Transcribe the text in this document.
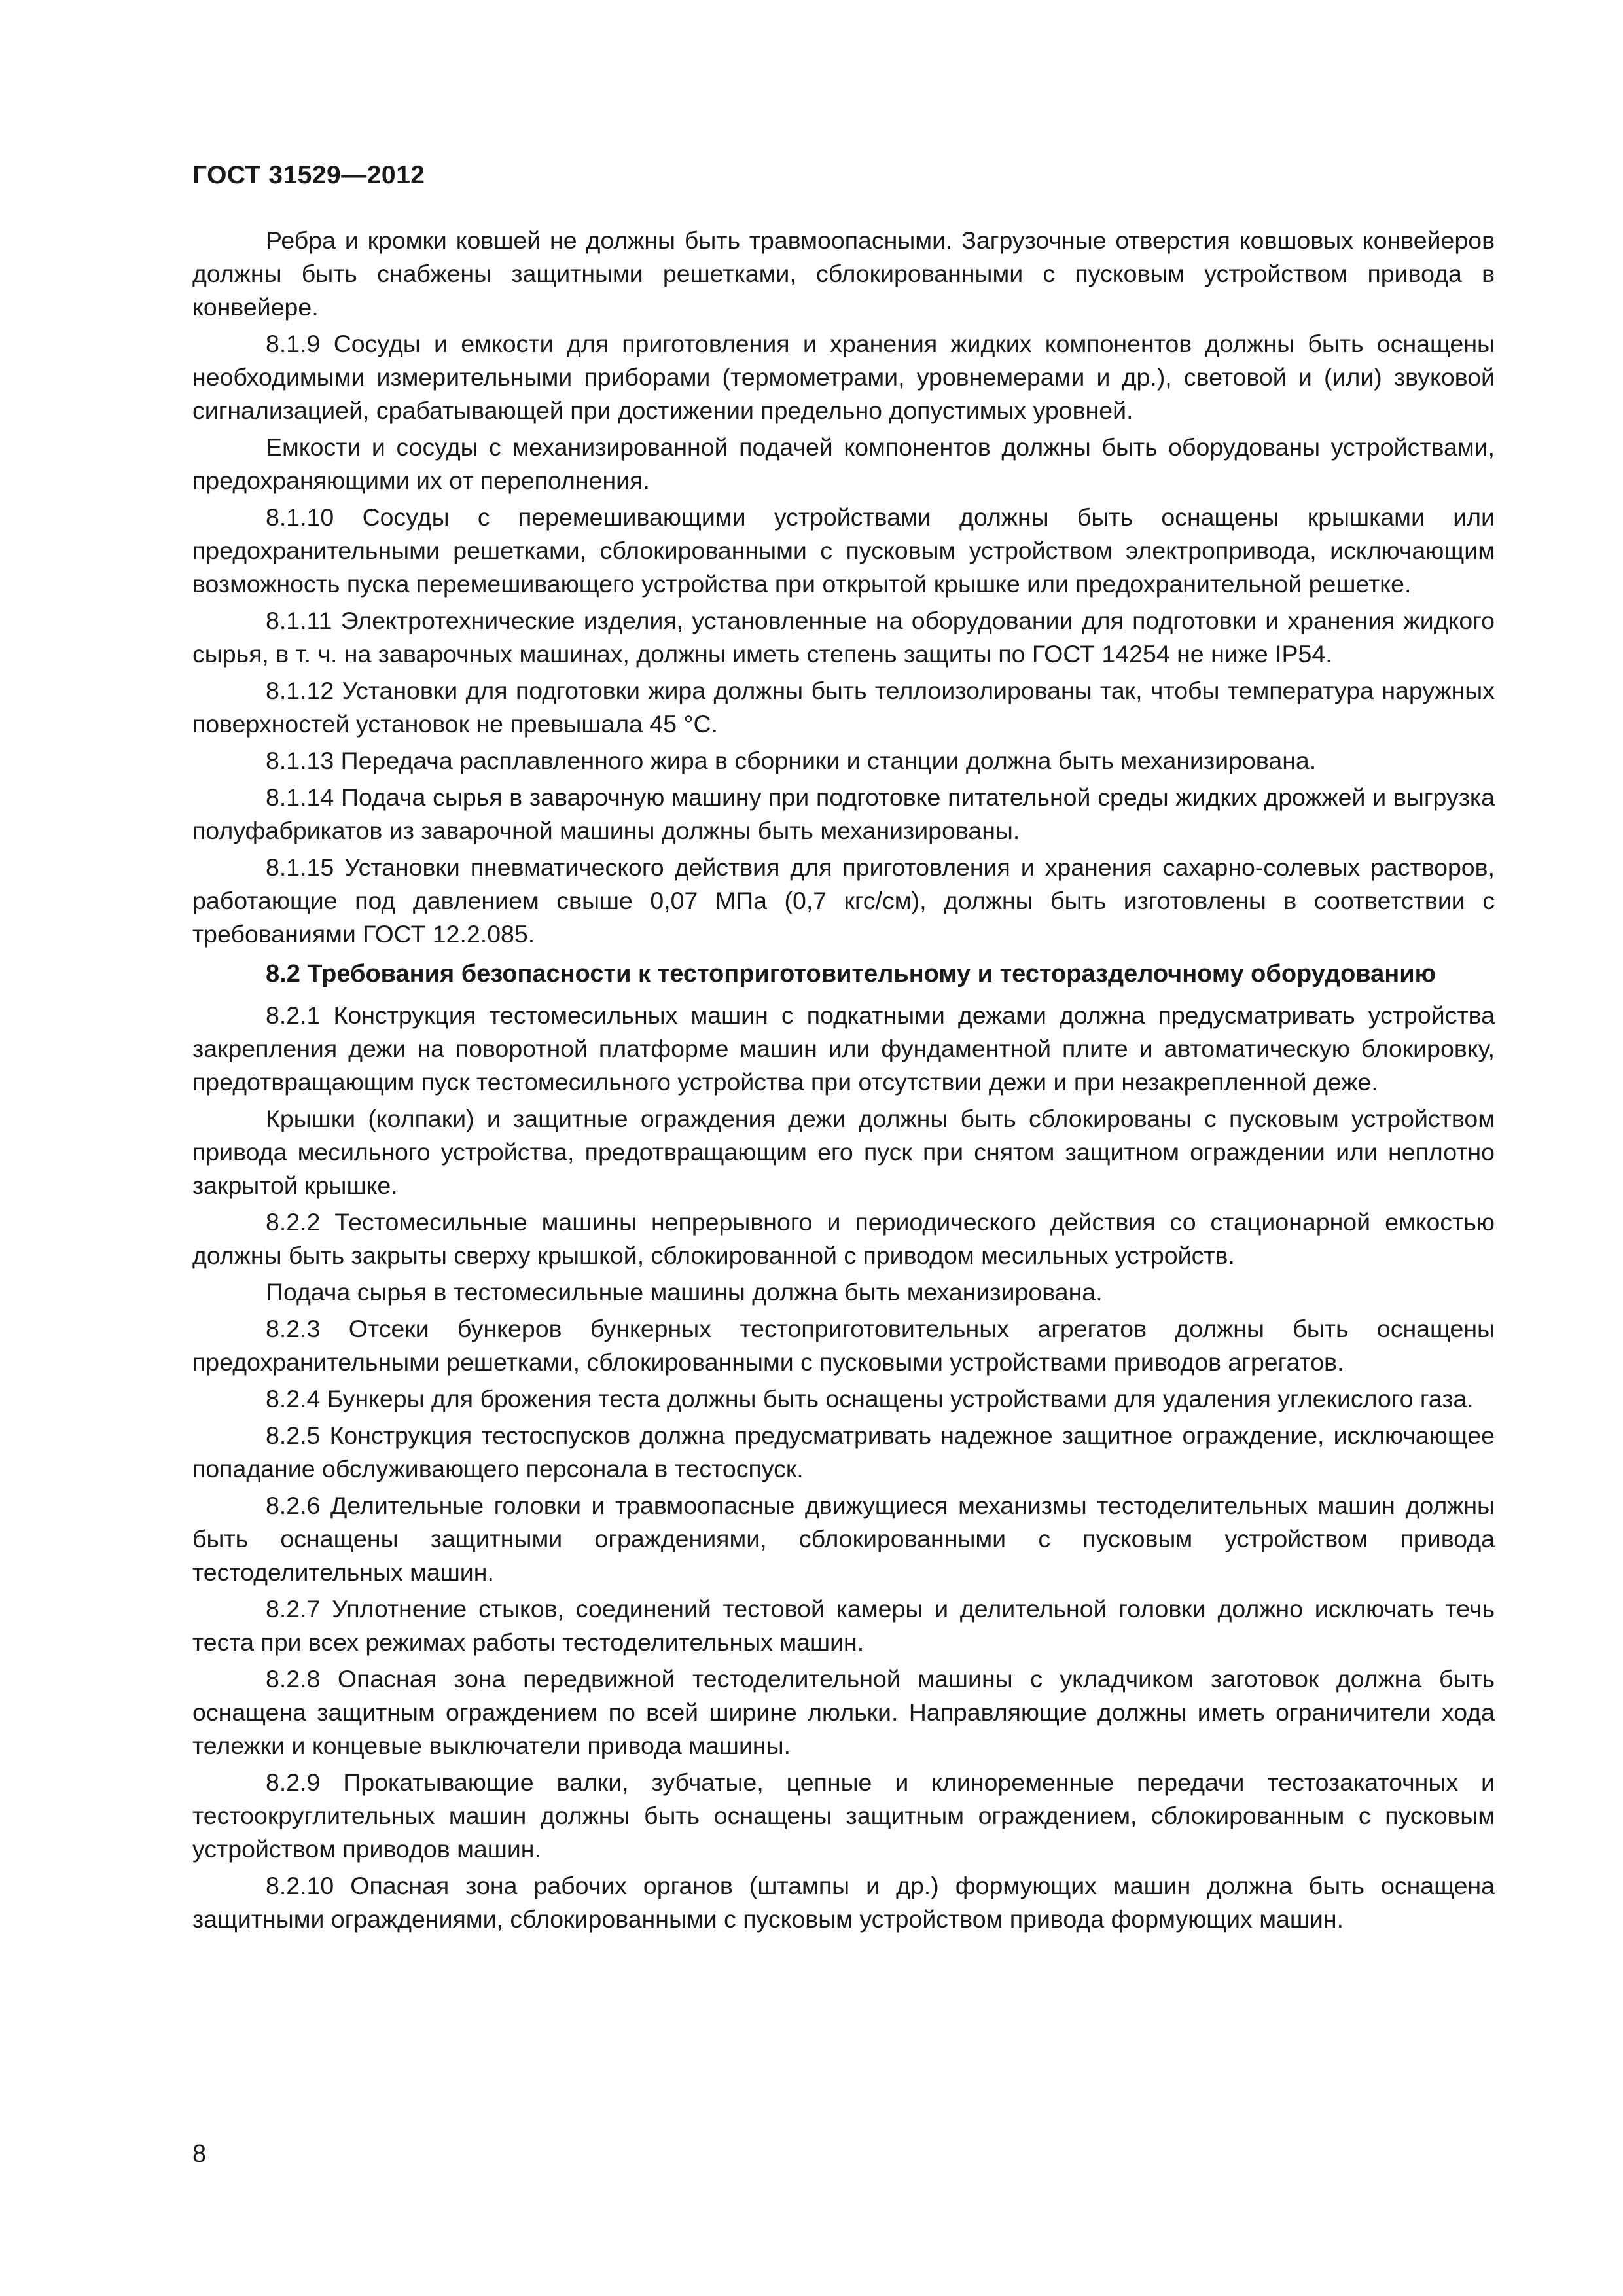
ГОСТ 31529—2012

Ребра и кромки ковшей не должны быть травмоопасными. Загрузочные отверстия ковшовых конвейеров должны быть снабжены защитными решетками, сблокированными с пусковым устройством привода в конвейере.

8.1.9 Сосуды и емкости для приготовления и хранения жидких компонентов должны быть оснащены необходимыми измерительными приборами (термометрами, уровнемерами и др.), световой и (или) звуковой сигнализацией, срабатывающей при достижении предельно допустимых уровней.

Емкости и сосуды с механизированной подачей компонентов должны быть оборудованы устройствами, предохраняющими их от переполнения.

8.1.10 Сосуды с перемешивающими устройствами должны быть оснащены крышками или предохранительными решетками, сблокированными с пусковым устройством электропривода, исключающим возможность пуска перемешивающего устройства при открытой крышке или предохранительной решетке.

8.1.11 Электротехнические изделия, установленные на оборудовании для подготовки и хранения жидкого сырья, в т. ч. на заварочных машинах, должны иметь степень защиты по ГОСТ 14254 не ниже IP54.

8.1.12 Установки для подготовки жира должны быть теллоизолированы так, чтобы температура наружных поверхностей установок не превышала 45 °С.

8.1.13 Передача расплавленного жира в сборники и станции должна быть механизирована.

8.1.14 Подача сырья в заварочную машину при подготовке питательной среды жидких дрожжей и выгрузка полуфабрикатов из заварочной машины должны быть механизированы.

8.1.15 Установки пневматического действия для приготовления и хранения сахарно-солевых растворов, работающие под давлением свыше 0,07 МПа (0,7 кгс/см), должны быть изготовлены в соответствии с требованиями ГОСТ 12.2.085.

8.2 Требования безопасности к тестоприготовительному и тесторазделочному оборудованию

8.2.1 Конструкция тестомесильных машин с подкатными дежами должна предусматривать устройства закрепления дежи на поворотной платформе машин или фундаментной плите и автоматическую блокировку, предотвращающим пуск тестомесильного устройства при отсутствии дежи и при незакрепленной деже.

Крышки (колпаки) и защитные ограждения дежи должны быть сблокированы с пусковым устройством привода месильного устройства, предотвращающим его пуск при снятом защитном ограждении или неплотно закрытой крышке.

8.2.2 Тестомесильные машины непрерывного и периодического действия со стационарной емкостью должны быть закрыты сверху крышкой, сблокированной с приводом месильных устройств.

Подача сырья в тестомесильные машины должна быть механизирована.

8.2.3 Отсеки бункеров бункерных тестоприготовительных агрегатов должны быть оснащены предохранительными решетками, сблокированными с пусковыми устройствами приводов агрегатов.

8.2.4 Бункеры для брожения теста должны быть оснащены устройствами для удаления углекислого газа.

8.2.5 Конструкция тестоспусков должна предусматривать надежное защитное ограждение, исключающее попадание обслуживающего персонала в тестоспуск.

8.2.6 Делительные головки и травмоопасные движущиеся механизмы тестоделительных машин должны быть оснащены защитными ограждениями, сблокированными с пусковым устройством привода тестоделительных машин.

8.2.7 Уплотнение стыков, соединений тестовой камеры и делительной головки должно исключать течь теста при всех режимах работы тестоделительных машин.

8.2.8 Опасная зона передвижной тестоделительной машины с укладчиком заготовок должна быть оснащена защитным ограждением по всей ширине люльки. Направляющие должны иметь ограничители хода тележки и концевые выключатели привода машины.

8.2.9 Прокатывающие валки, зубчатые, цепные и клиноременные передачи тестозакаточных и тестоокруглительных машин должны быть оснащены защитным ограждением, сблокированным с пусковым устройством приводов машин.

8.2.10 Опасная зона рабочих органов (штампы и др.) формующих машин должна быть оснащена защитными ограждениями, сблокированными с пусковым устройством привода формующих машин.

8
